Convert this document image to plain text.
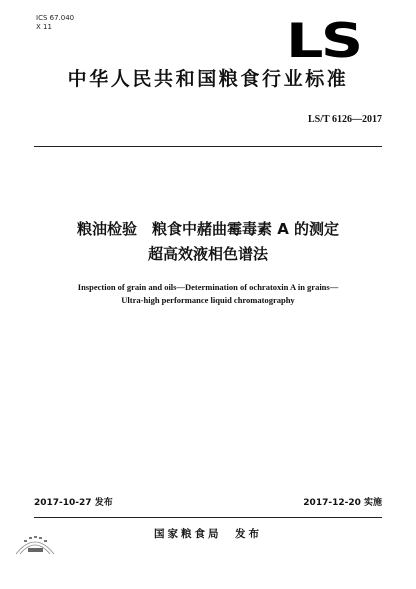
ICS 67.040
X 11	LS
中华人民共和国粮食行业标准
LS/T 6126—2017
粮油检验　粮食中赭曲霉毒素 A 的测定
超高效液相色谱法
Inspection of grain and oils—Determination of ochratoxin A in grains—
Ultra-high performance liquid chromatography
2017-10-27 发布	2017-12-20 实施
国家粮食局　发布
